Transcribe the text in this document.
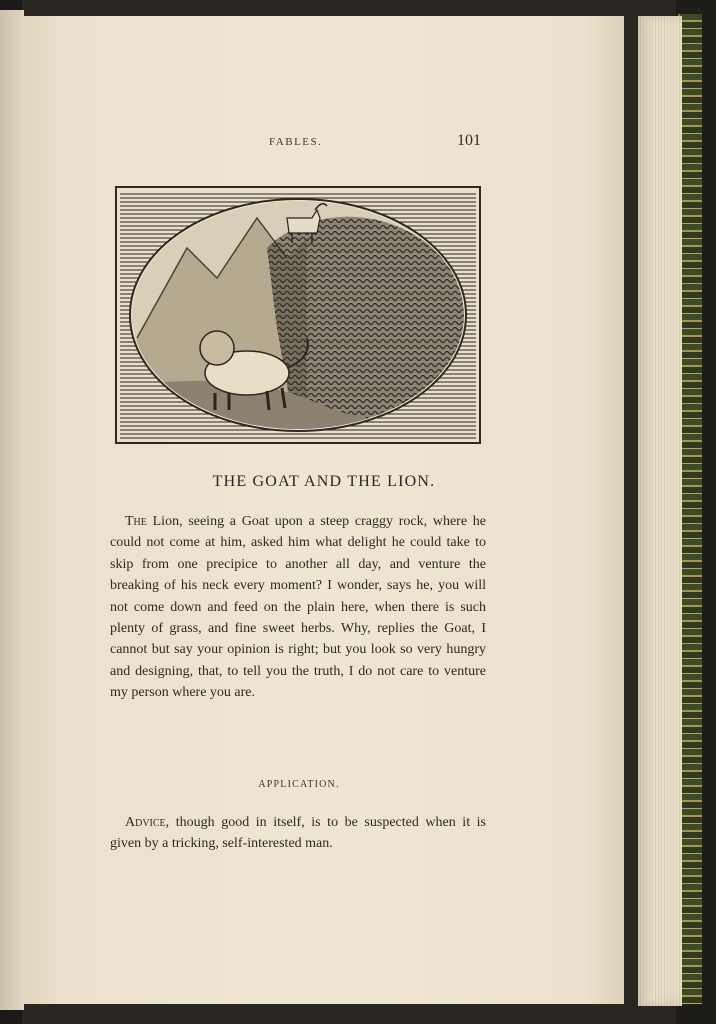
FABLES.	101
THE GOAT AND THE LION.

The Lion, seeing a Goat upon a steep craggy rock, where he could not come at him, asked him what delight he could take to skip from one precipice to another all day, and venture the breaking of his neck every moment? I wonder, says he, you will not come down and feed on the plain here, when there is such plenty of grass, and fine sweet herbs. Why, replies the Goat, I cannot but say your opinion is right; but you look so very hungry and designing, that, to tell you the truth, I do not care to venture my person where you are.

APPLICATION.

Advice, though good in itself, is to be suspected when it is given by a tricking, self-interested man.
